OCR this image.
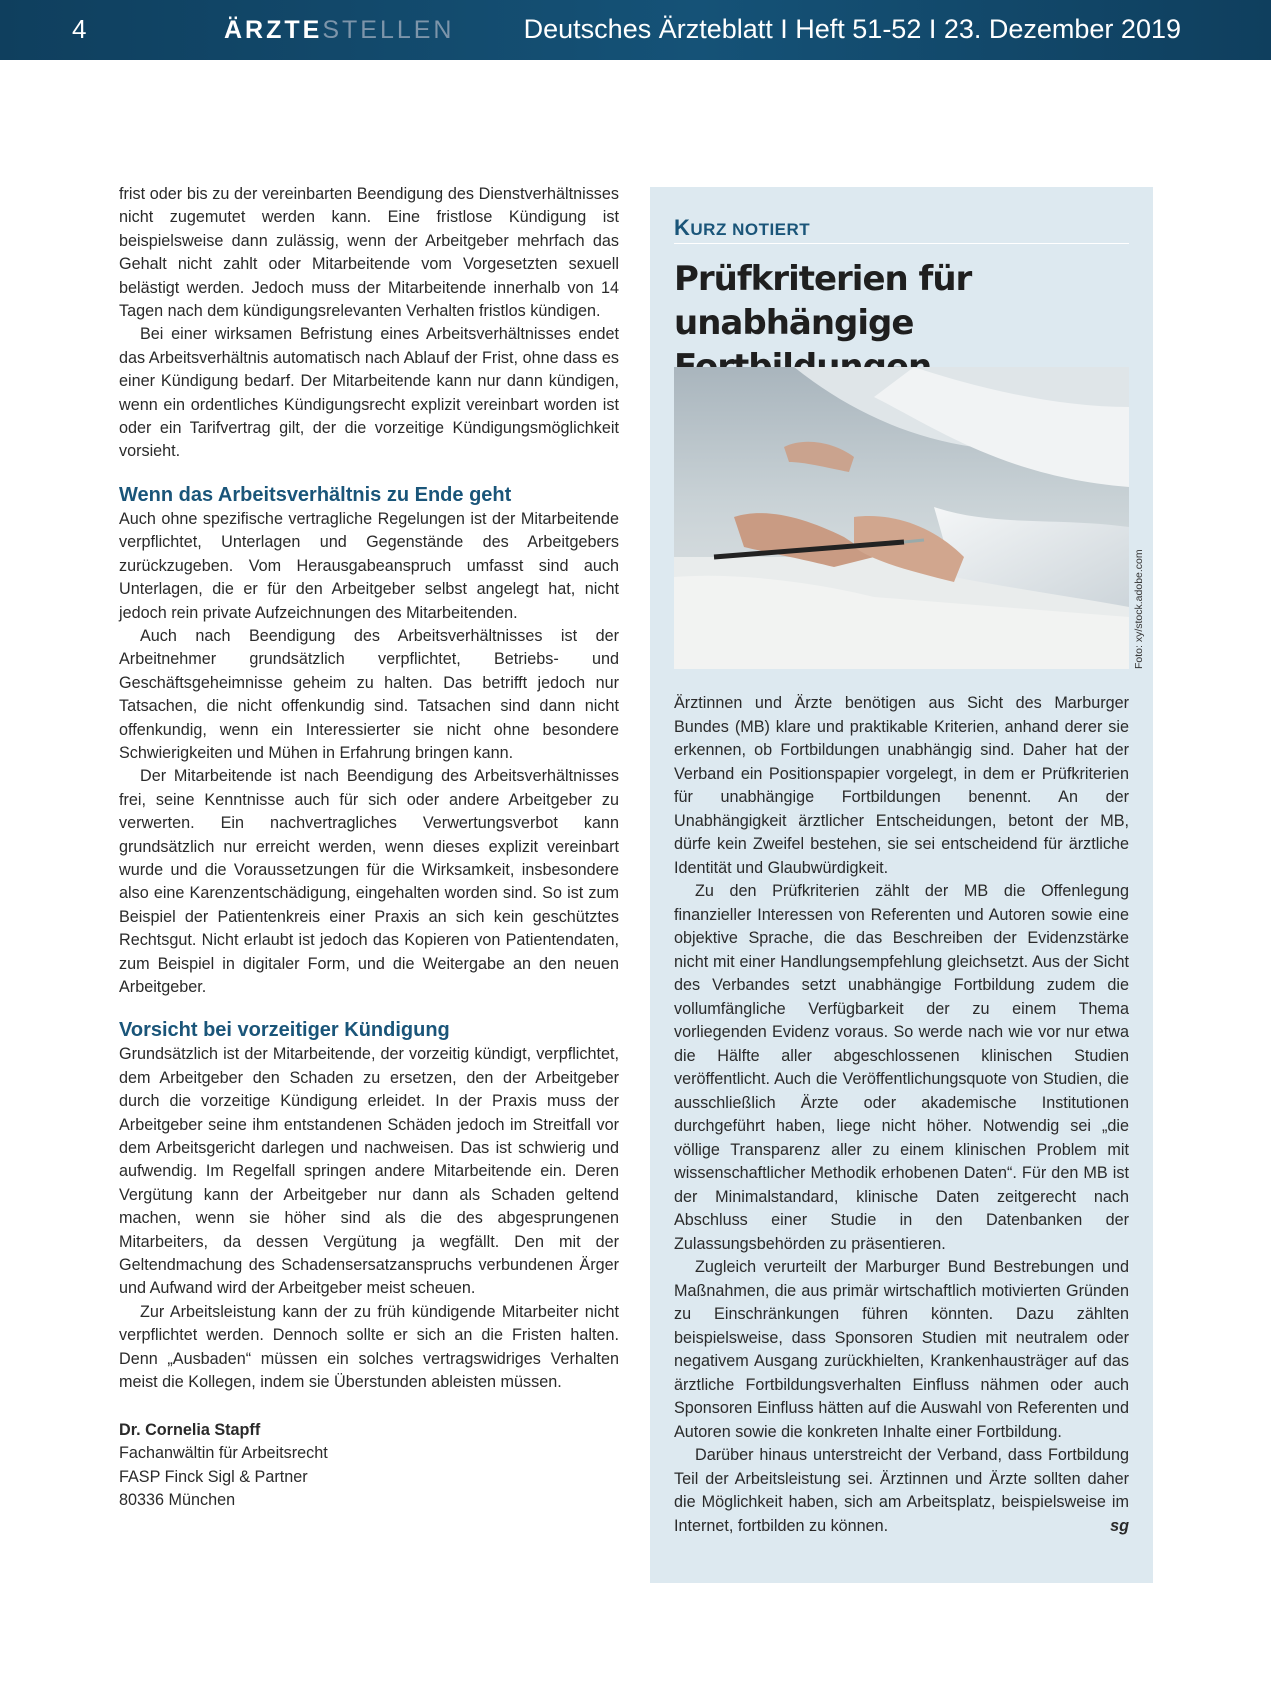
4	ÄRZTESTELLEN	Deutsches Ärzteblatt I Heft 51-52 I 23. Dezember 2019

frist oder bis zu der vereinbarten Beendigung des Dienstverhältnisses nicht zugemutet werden kann. Eine fristlose Kündigung ist beispielsweise dann zulässig, wenn der Arbeitgeber mehrfach das Gehalt nicht zahlt oder Mitarbeitende vom Vorgesetzten sexuell belästigt werden. Jedoch muss der Mitarbeitende innerhalb von 14 Tagen nach dem kündigungsrelevanten Verhalten fristlos kündigen.

Bei einer wirksamen Befristung eines Arbeitsverhältnisses endet das Arbeitsverhältnis automatisch nach Ablauf der Frist, ohne dass es einer Kündigung bedarf. Der Mitarbeitende kann nur dann kündigen, wenn ein ordentliches Kündigungsrecht explizit vereinbart worden ist oder ein Tarifvertrag gilt, der die vorzeitige Kündigungsmöglichkeit vorsieht.

Wenn das Arbeitsverhältnis zu Ende geht

Auch ohne spezifische vertragliche Regelungen ist der Mitarbeitende verpflichtet, Unterlagen und Gegenstände des Arbeitgebers zurückzugeben. Vom Herausgabeanspruch umfasst sind auch Unterlagen, die er für den Arbeitgeber selbst angelegt hat, nicht jedoch rein private Aufzeichnungen des Mitarbeitenden.

Auch nach Beendigung des Arbeitsverhältnisses ist der Arbeitnehmer grundsätzlich verpflichtet, Betriebs- und Geschäftsgeheimnisse geheim zu halten. Das betrifft jedoch nur Tatsachen, die nicht offenkundig sind. Tatsachen sind dann nicht offenkundig, wenn ein Interessierter sie nicht ohne besondere Schwierigkeiten und Mühen in Erfahrung bringen kann.

Der Mitarbeitende ist nach Beendigung des Arbeitsverhältnisses frei, seine Kenntnisse auch für sich oder andere Arbeitgeber zu verwerten. Ein nachvertragliches Verwertungsverbot kann grundsätzlich nur erreicht werden, wenn dieses explizit vereinbart wurde und die Voraussetzungen für die Wirksamkeit, insbesondere also eine Karenzentschädigung, eingehalten worden sind. So ist zum Beispiel der Patientenkreis einer Praxis an sich kein geschütztes Rechtsgut. Nicht erlaubt ist jedoch das Kopieren von Patientendaten, zum Beispiel in digitaler Form, und die Weitergabe an den neuen Arbeitgeber.

Vorsicht bei vorzeitiger Kündigung

Grundsätzlich ist der Mitarbeitende, der vorzeitig kündigt, verpflichtet, dem Arbeitgeber den Schaden zu ersetzen, den der Arbeitgeber durch die vorzeitige Kündigung erleidet. In der Praxis muss der Arbeitgeber seine ihm entstandenen Schäden jedoch im Streitfall vor dem Arbeitsgericht darlegen und nachweisen. Das ist schwierig und aufwendig. Im Regelfall springen andere Mitarbeitende ein. Deren Vergütung kann der Arbeitgeber nur dann als Schaden geltend machen, wenn sie höher sind als die des abgesprungenen Mitarbeiters, da dessen Vergütung ja wegfällt. Den mit der Geltendmachung des Schadensersatzanspruchs verbundenen Ärger und Aufwand wird der Arbeitgeber meist scheuen.

Zur Arbeitsleistung kann der zu früh kündigende Mitarbeiter nicht verpflichtet werden. Dennoch sollte er sich an die Fristen halten. Denn „Ausbaden“ müssen ein solches vertragswidriges Verhalten meist die Kollegen, indem sie Überstunden ableisten müssen.

Dr. Cornelia Stapff
Fachanwältin für Arbeitsrecht
FASP Finck Sigl & Partner
80336 München
KURZ NOTIERT
Prüfkriterien für unabhängige
Foto: xy/stock.adobe.com

Ärztinnen und Ärzte benötigen aus Sicht des Marburger Bundes (MB) klare und praktikable Kriterien, anhand derer sie erkennen, ob Fortbildungen unabhängig sind. Daher hat der Verband ein Positionspapier vorgelegt, in dem er Prüfkriterien für unabhängige Fortbildungen benennt. An der Unabhängigkeit ärztlicher Entscheidungen, betont der MB, dürfe kein Zweifel bestehen, sie sei entscheidend für ärztliche Identität und Glaubwürdigkeit.

Zu den Prüfkriterien zählt der MB die Offenlegung finanzieller Interessen von Referenten und Autoren sowie eine objektive Sprache, die das Beschreiben der Evidenzstärke nicht mit einer Handlungsempfehlung gleichsetzt. Aus der Sicht des Verbandes setzt unabhängige Fortbildung zudem die vollumfängliche Verfügbarkeit der zu einem Thema vorliegenden Evidenz voraus. So werde nach wie vor nur etwa die Hälfte aller abgeschlossenen klinischen Studien veröffentlicht. Auch die Veröffentlichungsquote von Studien, die ausschließlich Ärzte oder akademische Institutionen durchgeführt haben, liege nicht höher. Notwendig sei „die völlige Transparenz aller zu einem klinischen Problem mit wissenschaftlicher Methodik erhobenen Daten“. Für den MB ist der Minimalstandard, klinische Daten zeitgerecht nach Abschluss einer Studie in den Datenbanken der Zulassungsbehörden zu präsentieren.

Zugleich verurteilt der Marburger Bund Bestrebungen und Maßnahmen, die aus primär wirtschaftlich motivierten Gründen zu Einschränkungen führen könnten. Dazu zählten beispielsweise, dass Sponsoren Studien mit neutralem oder negativem Ausgang zurückhielten, Krankenhausträger auf das ärztliche Fortbildungsverhalten Einfluss nähmen oder auch Sponsoren Einfluss hätten auf die Auswahl von Referenten und Autoren sowie die konkreten Inhalte einer Fortbildung.

Darüber hinaus unterstreicht der Verband, dass Fortbildung Teil der Arbeitsleistung sei. Ärztinnen und Ärzte sollten daher die Möglichkeit haben, sich am Arbeitsplatz, beispielsweise im Internet, fortbilden zu können.	sg
